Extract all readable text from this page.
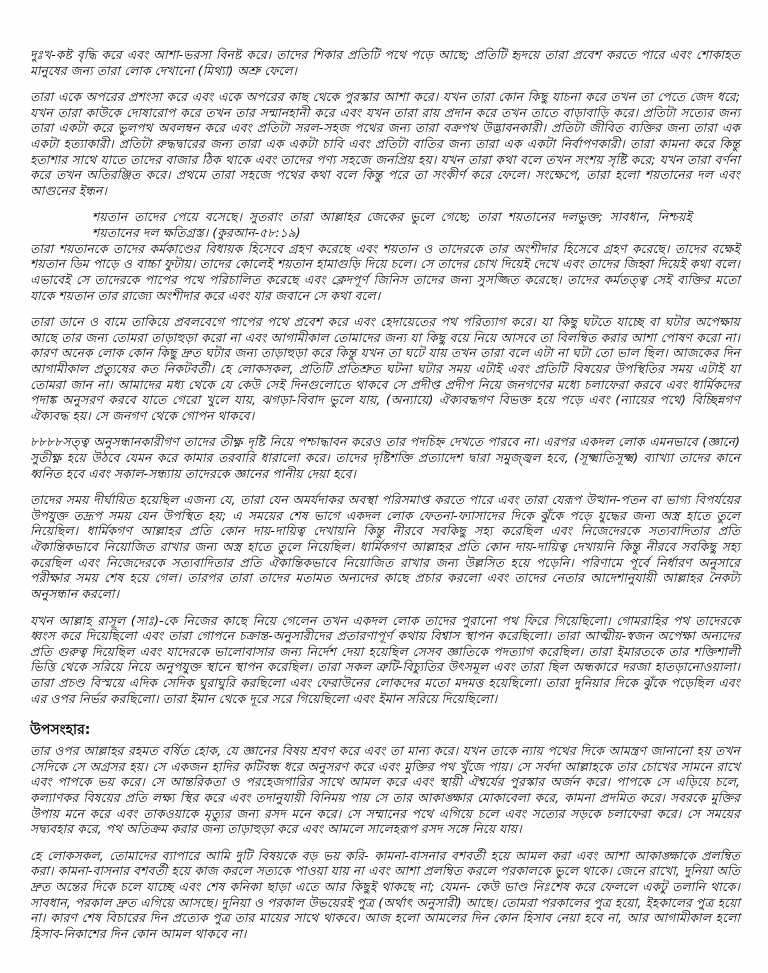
দুঃখ-কষ্ট বৃদ্ধি করে এবং আশা-ভরসা বিনষ্ট করে। তাদের শিকার প্রতিটি পথে পড়ে আছে; প্রতিটি হৃদয়ে তারা প্রবেশ করতে পারে এবং শোকাহত মানুষের জন্য তারা লোক দেখানো (মিথ্যা) অশ্রু ফেলে।

তারা একে অপরের প্রশংসা করে এবং একে অপরের কাছ থেকে পুরস্কার আশা করে। যখন তারা কোন কিছু যাচনা করে তখন তা পেতে জেদ ধরে; যখন তারা কাউকে দোষারোপ করে তখন তার সন্মানহানী করে এবং যখন তারা রায় প্রদান করে তখন তাতে বাড়াবাড়ি করে। প্রতিটা সত্যের জন্য তারা একটা করে ভুলপথ অবলম্বন করে এবং প্রতিটা সরল-সহজ পথের জন্য তারা বক্রপথ উদ্ভাবনকারী। প্রতিটা জীবিত ব্যক্তির জন্য তারা এক একটা হত্যাকারী। প্রতিটা রুদ্ধদ্বারের জন্য তারা এক একটা চাবি এবং প্রতিটা বাতির জন্য তারা এক একটা নির্বাপণকারী। তারা কামনা করে কিন্তু হতাশার সাথে যাতে তাদের বাজার ঠিক থাকে এবং তাদের পণ্য সহজে জনপ্রিয় হয়। যখন তারা কথা বলে তখন সংশয় সৃষ্টি করে; যখন তারা বর্ণনা করে তখন অতিরঞ্জিত করে। প্রথমে তারা সহজে পথের কথা বলে কিন্তু পরে তা সংকীর্ণ করে ফেলে। সংক্ষেপে, তারা হলো শয়তানের দল এবং আগুনের ইন্ধন।

শয়তান তাদের পেয়ে বসেছে। সুতরাং তারা আল্লাহর জেকের ভুলে গেছে; তারা শয়তানের দলভুক্ত; সাবধান, নিশ্চয়ই শয়তানের দল ক্ষতিগ্রস্ত। (কুরআন-৫৮:১৯)

তারা শয়তানকে তাদের কর্মকাণ্ডের বিধায়ক হিসেবে গ্রহণ করেছে এবং শয়তান ও তাদেরকে তার অংশীদার হিসেবে গ্রহণ করেছে। তাদের বক্ষেই শয়তান ডিম পাড়ে ও বাচ্চা ফুটায়। তাদের কোলেই শয়তান হামাগুড়ি দিয়ে চলে। সে তাদের চোখ দিয়েই দেখে এবং তাদের জিহ্বা দিয়েই কথা বলে। এভাবেই সে তাদেরকে পাপের পথে পরিচালিত করেছে এবং ক্লেদপূর্ণ জিনিস তাদের জন্য সুসজ্জিত করেছে। তাদের কর্মতত্ত্ব সেই ব্যক্তির মতো যাকে শয়তান তার রাজ্যে অংশীদার করে এবং যার জবানে সে কথা বলে।

তারা ডানে ও বামে তাকিয়ে প্রবলবেগে পাপের পথে প্রবেশ করে এবং হেদায়েতের পথ পরিত্যাগ করে। যা কিছু ঘটতে যাচ্ছে বা ঘটার অপেক্ষায় আছে তার জন্য তোমরা তাড়াহুড়া করো না এবং আগামীকাল তোমাদের জন্য যা কিছু বয়ে নিয়ে আসবে তা বিলম্বিত করার আশা পোষণ করো না। কারণ অনেক লোক কোন কিছু দ্রুত ঘটার জন্য তাড়াহুড়া করে কিন্তু যখন তা ঘটে যায় তখন তারা বলে এটা না ঘটা তো ভাল ছিল। আজকের দিন আগামীকাল প্রত্যুষের কত নিকটবর্তী। হে লোকসকল, প্রতিটি প্রতিশ্রুত ঘটনা ঘটার সময় এটাই এবং প্রতিটি বিষয়ের উপস্থিতির সময় এটাই যা তোমরা জান না। আমাদের মধ্য থেকে যে কেউ সেই দিনগুলোতে থাকবে সে প্রদীপ্ত প্রদীপ নিয়ে জনগণের মধ্যে চলাফেরা করবে এবং ধার্মিকদের পদাঙ্ক অনুসরণ করবে যাতে গেরো খুলে যায়, ঝগড়া-বিবাদ ভুলে যায়, (অন্যায়ে) ঐক্যবদ্ধগণ বিভক্ত হয়ে পড়ে এবং (ন্যায়ের পথে) বিচ্ছিন্নগণ ঐক্যবদ্ধ হয়। সে জনগণ থেকে গোপন থাকবে।

৮৮৮৮সত্ত্ব অনুসন্ধানকারীগণ তাদের তীক্ষ্ণ দৃষ্টি নিয়ে পশ্চাদ্ধাবন করেও তার পদচিহ্ন দেখতে পারবে না। এরপর একদল লোক এমনভাবে (জ্ঞানে) সুতীক্ষ্ণ হয়ে উঠবে যেমন করে কামার তরবারি ধারালো করে। তাদের দৃষ্টিশক্তি প্রত্যাদেশ দ্বারা সমুজ্জ্বল হবে, (সূক্ষ্মাতিসূক্ষ্ম) ব্যাখ্যা তাদের কানে ধ্বনিত হবে এবং সকাল-সন্ধ্যায় তাদেরকে জ্ঞানের পানীয় দেয়া হবে।

তাদের সময় দীর্ঘায়িত হয়েছিল এজন্য যে, তারা যেন অমর্যদাকর অবস্থা পরিসমাপ্ত করতে পারে এবং তারা যেরূপ উত্থান-পতন বা ভাগ্য বিপর্যয়ের উপযুক্ত তদ্রূপ সময় যেন উপস্থিত হয়; এ সময়ের শেষ ভাগে একদল লোক ফেতনা-ফ্যাসাদের দিকে ঝুঁকে পড়ে যুদ্ধের জন্য অস্ত্র হাতে তুলে নিয়েছিল। ধার্মিকগণ আল্লাহর প্রতি কোন দায়-দায়িত্ব দেখায়নি কিন্তু নীরবে সবকিছু সহ্য করেছিল এবং নিজেদেরকে সত্যবাদিতার প্রতি ঐকান্তিকভাবে নিয়োজিত রাখার জন্য অস্ত্র হাতে তুলে নিয়েছিল। ধার্মিকগণ আল্লাহর প্রতি কোন দায়-দায়িত্ব দেখায়নি কিন্তু নীরবে সবকিছু সহ্য করেছিল এবং নিজেদেরকে সত্যবাদিতার প্রতি ঐকান্তিকভাবে নিয়োজিত রাখার জন্য উল্লসিত হয়ে পড়েনি। পরিণামে পূর্বে নির্ধারণ অনুসারে পরীক্ষার সময় শেষ হয়ে গেল। তারপর তারা তাদের মতামত অন্যদের কাছে প্রচার করলো এবং তাদের নেতার আদেশানুযায়ী আল্লাহর নৈকট্য অনুসন্ধান করলো।

যখন আল্লাহ রাসূল (সাঃ)-কে নিজের কাছে নিয়ে গেলেন তখন একদল লোক তাদের পুরানো পথ ফিরে গিয়েছিলো। গোমরাহির পথ তাদেরকে ধ্বংস করে দিয়েছিলো এবং তারা গোপনে চক্রান্ত-অনুসারীদের প্রতারণাপূর্ণ কথায় বিশ্বাস স্থাপন করেছিলো। তারা আত্মীয়-স্বজন অপেক্ষা অন্যদের প্রতি গুরুত্ব দিয়েছিল এবং যাদেরকে ভালোবাসার জন্য নির্দেশ দেয়া হয়েছিল সেসব জ্ঞাতিকে পদত্যাগ করেছিল। তারা ইমারতকে তার শক্তিশালী ভিত্তি থেকে সরিয়ে নিয়ে অনুপযুক্ত স্থানে স্থাপন করেছিল। তারা সকল ত্রুটি-বিচ্যুতির উৎসমূল এবং তারা ছিল অন্ধকারে দরজা হাতড়ানোওয়ালা। তারা প্রচণ্ড বিস্ময়ে এদিক সেদিক ঘুরাঘুরি করছিলো এবং ফেরাউনের লোকদের মতো মদমত্ত হয়েছিলো। তারা দুনিয়ার দিকে ঝুঁকে পড়েছিল এবং এর ওপর নির্ভর করছিলো। তারা ইমান থেকে দূরে সরে গিয়েছিলো এবং ইমান সরিয়ে দিয়েছিলো।

উপসংহার:

তার ওপর আল্লাহর রহমত বর্ষিত হোক, যে জ্ঞানের বিষয় শ্রবণ করে এবং তা মান্য করে। যখন তাকে ন্যায় পথের দিকে আমন্ত্রণ জানানো হয় তখন সেদিকে সে অগ্রসর হয়। সে একজন হাদির কটিবন্ধ ধরে অনুসরণ করে এবং মুক্তির পথ খুঁজে পায়। সে সর্বদা আল্লাহকে তার চোখের সামনে রাখে এবং পাপকে ভয় করে। সে আন্তরিকতা ও পরহেজগারির সাথে আমল করে এবং স্থায়ী ঐশ্বর্যের পুরস্কার অর্জন করে। পাপকে সে এড়িয়ে চলে, কল্যাণকর বিষয়ের প্রতি লক্ষ্য স্থির করে এবং তদানুযায়ী বিনিময় পায় সে তার আকাঙ্ক্ষার মোকাবেলা করে, কামনা প্রদমিত করে। সবরকে মুক্তির উপায় মনে করে এবং তাকওয়াকে মৃত্যুর জন্য রসদ মনে করে। সে সম্মানের পথে এগিয়ে চলে এবং সত্যের সড়কে চলাফেরা করে। সে সময়ের সদ্ব্যবহার করে, পথ অতিক্রম করার জন্য তাড়াহুড়া করে এবং আমলে সালেহরূপ রসদ সঙ্গে নিয়ে যায়।

হে লোকসকল, তোমাদের ব্যাপারে আমি দুটি বিষয়কে বড় ভয় করি- কামনা-বাসনার বশবর্তী হয়ে আমল করা এবং আশা আকাঙ্ক্ষাকে প্রলম্বিত করা। কামনা-বাসনার বশবর্তী হয়ে কাজ করলে সত্যকে পাওয়া যায় না এবং আশা প্রলম্বিত করলে পরকালকে ভুলে থাকে। জেনে রাখো, দুনিয়া অতি দ্রুত অন্তের দিকে চলে যাচ্ছে এবং শেষ কনিকা ছাড়া এতে আর কিছুই থাকছে না; যেমন- কেউ ভাণ্ড নিঃশেষ করে ফেললে একটু তলানি থাকে। সাবধান, পরকাল দ্রুত এগিয়ে আসছে। দুনিয়া ও পরকাল উভয়েরই পুত্র (অর্থাৎ অনুসারী) আছে। তোমরা পরকালের পুত্র হয়ো, ইহকালের পুত্র হয়ো না। কারণ শেষ বিচারের দিন প্রত্যেক পুত্র তার মায়ের সাথে থাকবে। আজ হলো আমলের দিন কোন হিসাব নেয়া হবে না, আর আগামীকাল হলো হিসাব-নিকাশের দিন কোন আমল থাকবে না।
